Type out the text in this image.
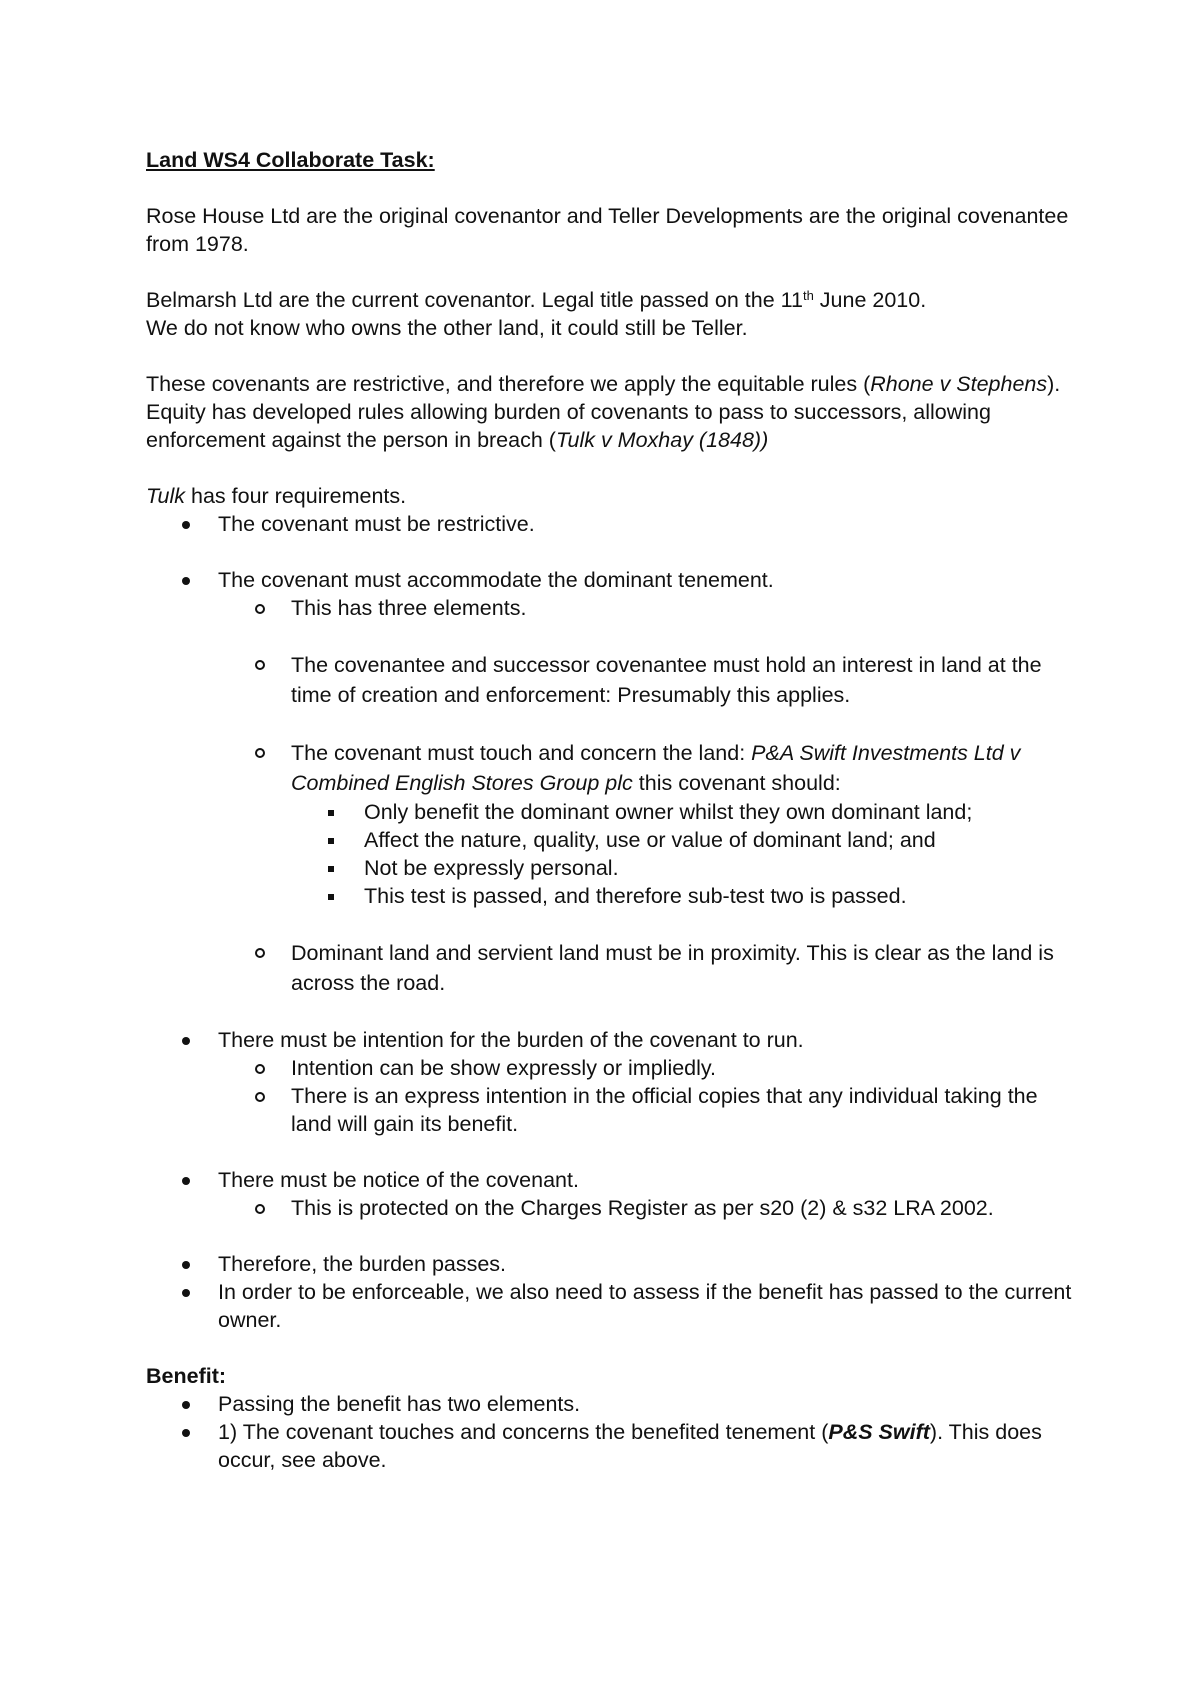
Land WS4 Collaborate Task:

Rose House Ltd are the original covenantor and Teller Developments are the original covenantee from 1978.

Belmarsh Ltd are the current covenantor. Legal title passed on the 11th June 2010.
We do not know who owns the other land, it could still be Teller.

These covenants are restrictive, and therefore we apply the equitable rules (Rhone v Stephens). Equity has developed rules allowing burden of covenants to pass to successors, allowing enforcement against the person in breach (Tulk v Moxhay (1848))

Tulk has four requirements.

The covenant must be restrictive.
The covenant must accommodate the dominant tenement.
This has three elements.
The covenantee and successor covenantee must hold an interest in land at the time of creation and enforcement: Presumably this applies.
The covenant must touch and concern the land: P&A Swift Investments Ltd v Combined English Stores Group plc this covenant should:
Only benefit the dominant owner whilst they own dominant land;
Affect the nature, quality, use or value of dominant land; and
Not be expressly personal.
This test is passed, and therefore sub-test two is passed.
Dominant land and servient land must be in proximity. This is clear as the land is across the road.
There must be intention for the burden of the covenant to run.
Intention can be show expressly or impliedly.
There is an express intention in the official copies that any individual taking the land will gain its benefit.
There must be notice of the covenant.
This is protected on the Charges Register as per s20 (2) & s32 LRA 2002.
Therefore, the burden passes.
In order to be enforceable, we also need to assess if the benefit has passed to the current owner.

Benefit:

Passing the benefit has two elements.
1) The covenant touches and concerns the benefited tenement (P&S Swift). This does occur, see above.
